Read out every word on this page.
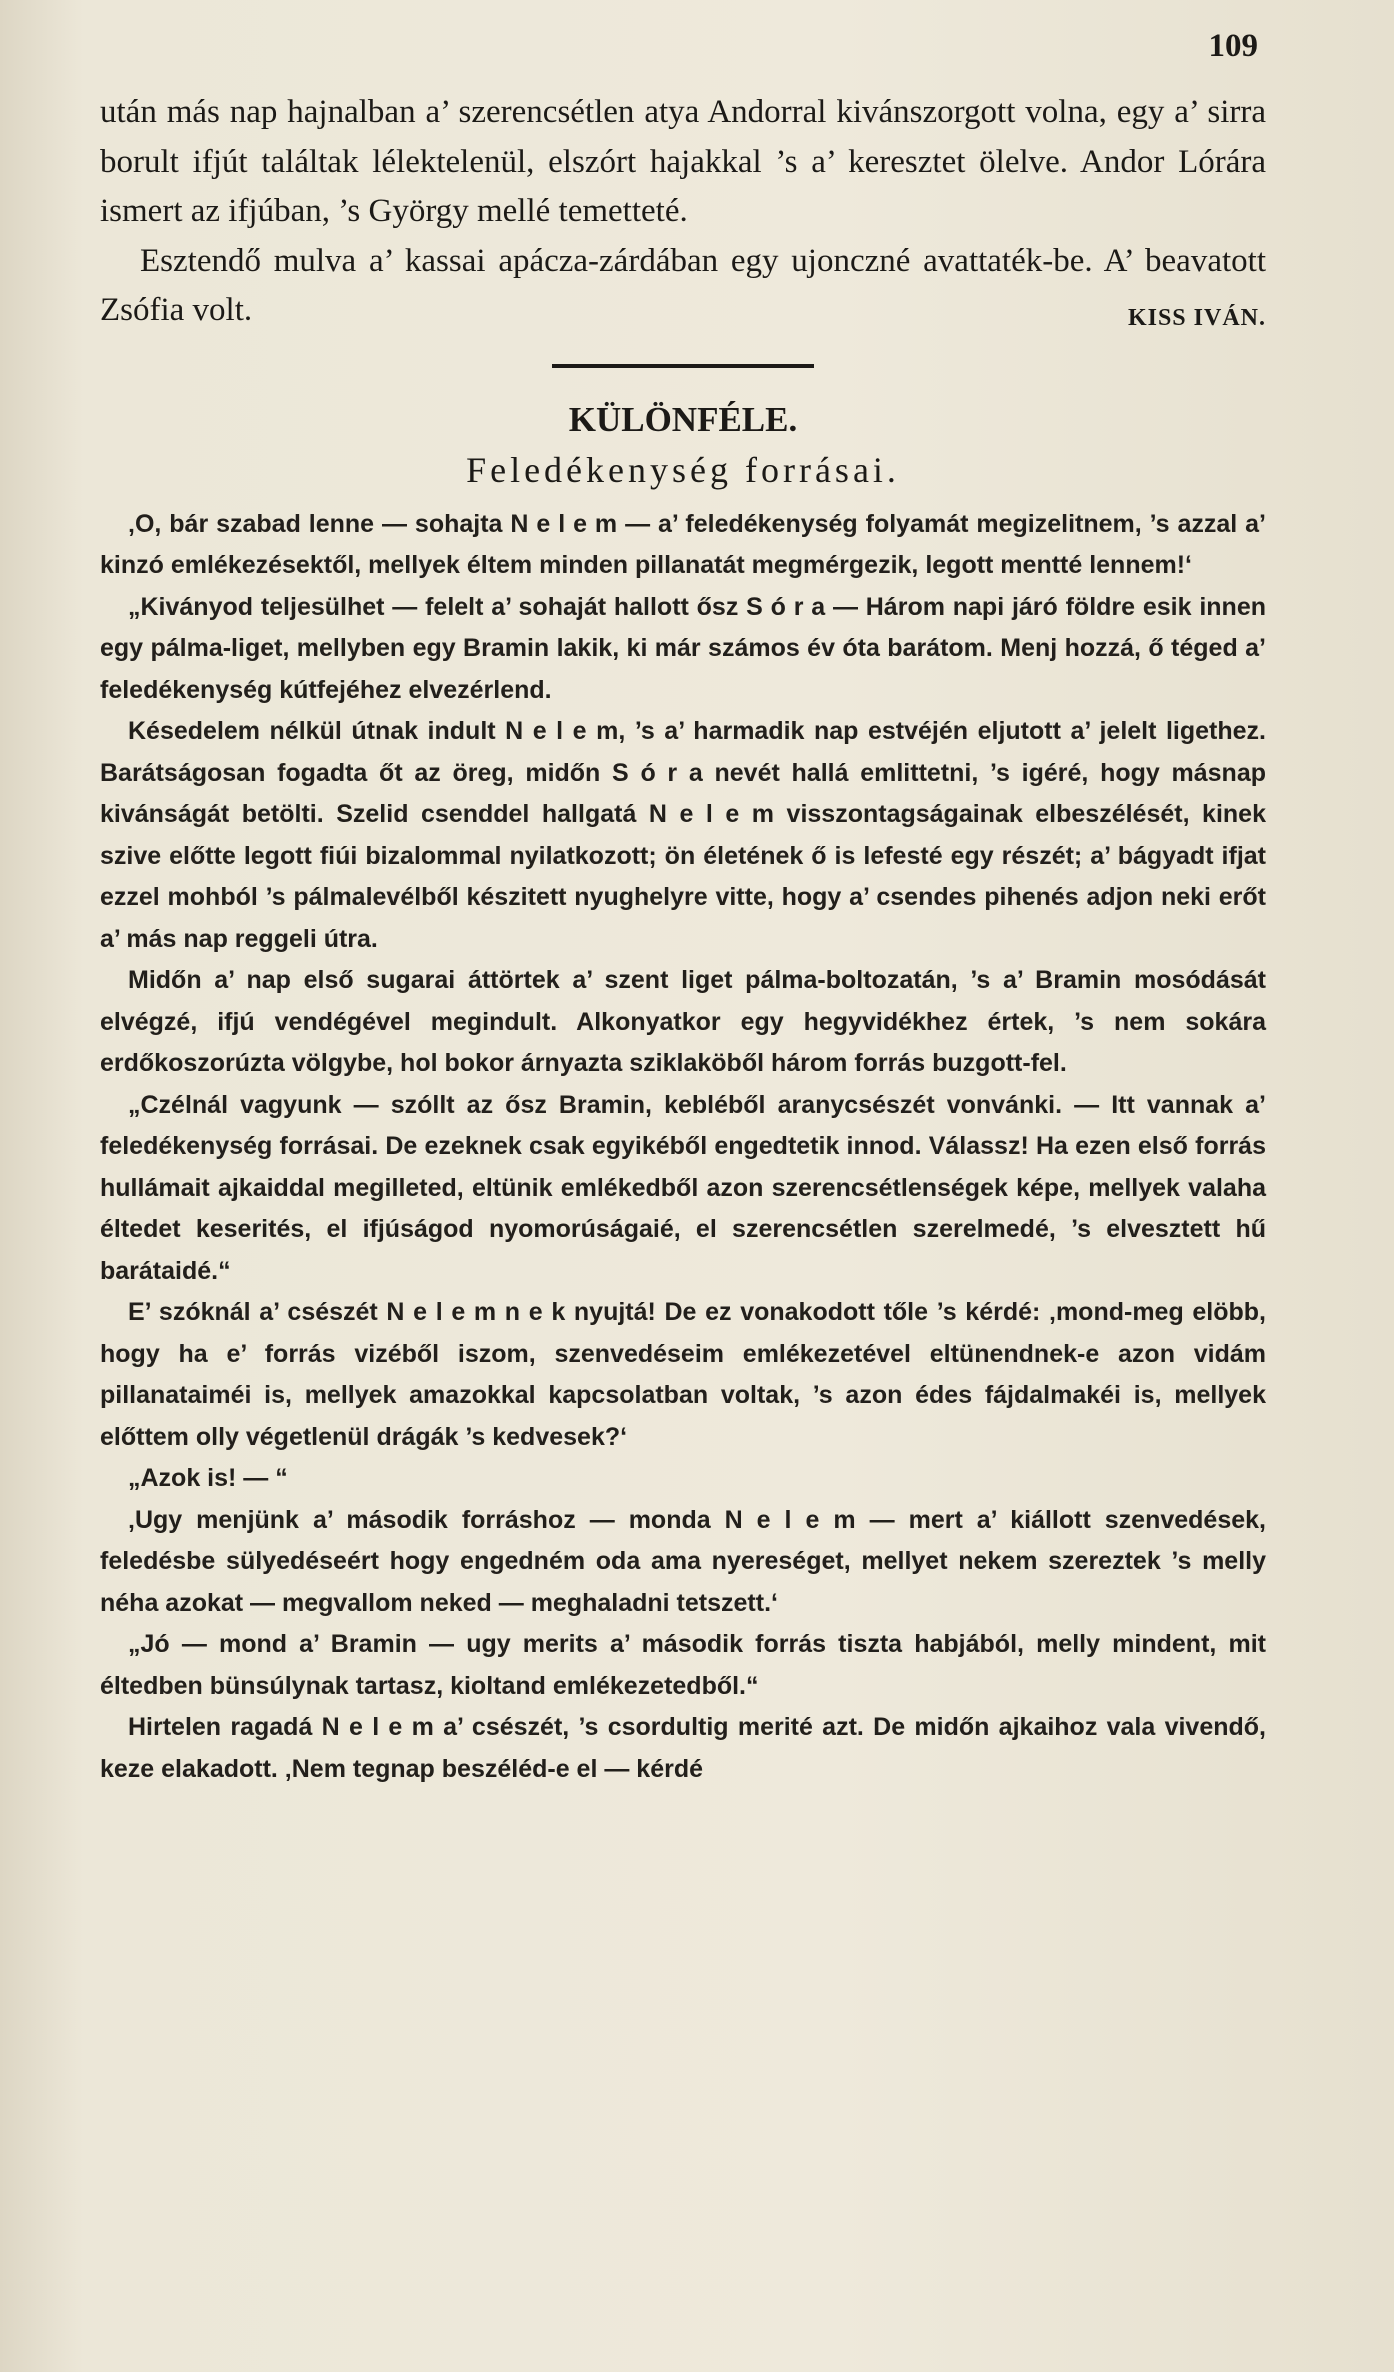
109

után más nap hajnalban a’ szerencsétlen atya Andorral kivánszorgott volna, egy a’ sirra borult ifjút találtak lélektelenül, elszórt hajakkal ’s a’ keresztet ölelve. Andor Lórára ismert az ifjúban, ’s György mellé temetteté.

Esztendő mulva a’ kassai apácza-zárdában egy ujonczné avattaték-be. A’ beavatott Zsófia volt.	KISS IVÁN.
KÜLÖNFÉLE.
Feledékenység forrásai.

‚O, bár szabad lenne — sohajta N e l e m — a’ feledékenység folyamát megizelitnem, ’s azzal a’ kinzó emlékezésektől, mellyek éltem minden pillanatát megmérgezik, legott mentté lennem!‘

„Kiványod teljesülhet — felelt a’ sohaját hallott ősz S ó r a — Három napi járó földre esik innen egy pálma-liget, mellyben egy Bramin lakik, ki már számos év óta barátom. Menj hozzá, ő téged a’ feledékenység kútfejéhez elvezérlend.

Késedelem nélkül útnak indult N e l e m, ’s a’ harmadik nap estvéjén eljutott a’ jelelt ligethez. Barátságosan fogadta őt az öreg, midőn S ó r a nevét hallá emlittetni, ’s igéré, hogy másnap kivánságát betölti. Szelid csenddel hallgatá N e l e m visszontagságainak elbeszélését, kinek szive előtte legott fiúi bizalommal nyilatkozott; ön életének ő is lefesté egy részét; a’ bágyadt ifjat ezzel mohból ’s pálmalevélből készitett nyughelyre vitte, hogy a’ csendes pihenés adjon neki erőt a’ más nap reggeli útra.

Midőn a’ nap első sugarai áttörtek a’ szent liget pálma-boltozatán, ’s a’ Bramin mosódását elvégzé, ifjú vendégével megindult. Alkonyatkor egy hegyvidékhez értek, ’s nem sokára erdőkoszorúzta völgybe, hol bokor árnyazta sziklaköből három forrás buzgott-fel.

„Czélnál vagyunk — szóllt az ősz Bramin, kebléből aranycsészét vonvánki. — Itt vannak a’ feledékenység forrásai. De ezeknek csak egyikéből engedtetik innod. Válassz! Ha ezen első forrás hullámait ajkaiddal megilleted, eltünik emlékedből azon szerencsétlenségek képe, mellyek valaha éltedet keserités, el ifjúságod nyomorúságaié, el szerencsétlen szerelmedé, ’s elvesztett hű barátaidé.“

E’ szóknál a’ csészét N e l e m n e k nyujtá! De ez vonakodott tőle ’s kérdé: ‚mond-meg elöbb, hogy ha e’ forrás vizéből iszom, szenvedéseim emlékezetével eltünendnek-e azon vidám pillanataiméi is, mellyek amazokkal kapcsolatban voltak, ’s azon édes fájdalmakéi is, mellyek előttem olly végetlenül drágák ’s kedvesek?‘

„Azok is! — “

‚Ugy menjünk a’ második forráshoz — monda N e l e m — mert a’ kiállott szenvedések, feledésbe sülyedéseért hogy engedném oda ama nyereséget, mellyet nekem szereztek ’s melly néha azokat — megvallom neked — meghaladni tetszett.‘

„Jó — mond a’ Bramin — ugy merits a’ második forrás tiszta habjából, melly mindent, mit éltedben bünsúlynak tartasz, kioltand emlékezetedből.“

Hirtelen ragadá N e l e m a’ csészét, ’s csordultig merité azt. De midőn ajkaihoz vala vivendő, keze elakadott. ‚Nem tegnap beszéléd-e el — kérdé
